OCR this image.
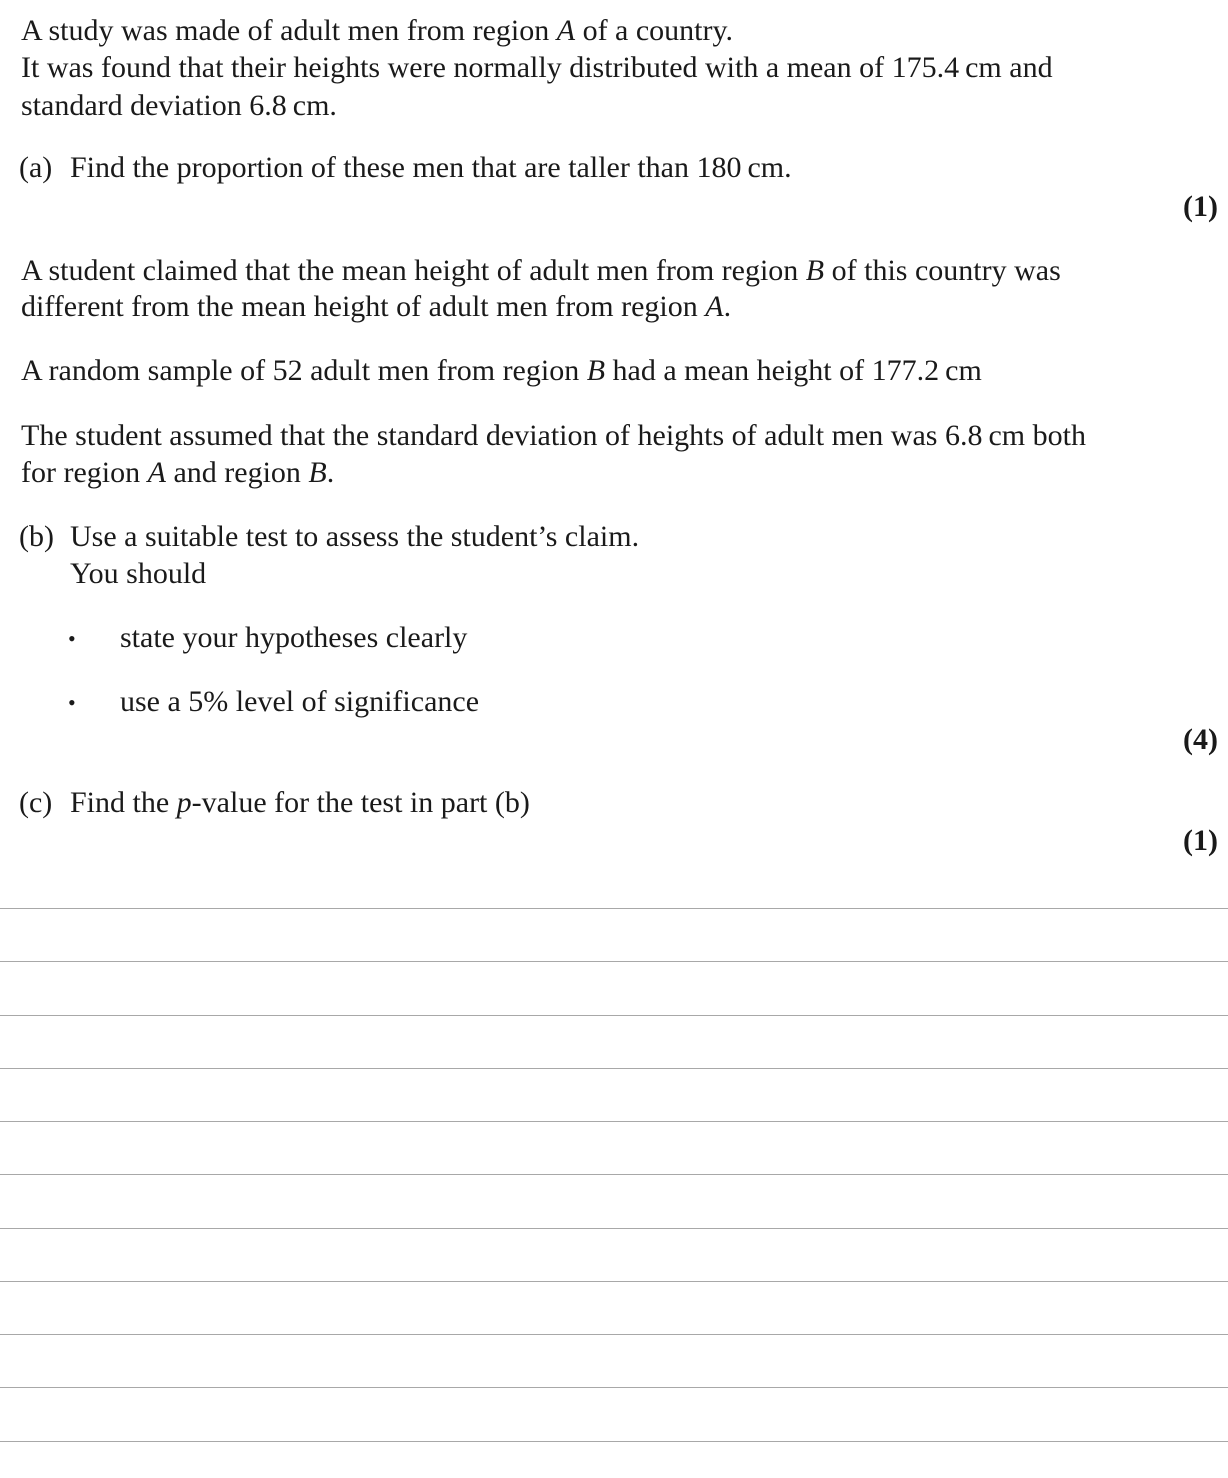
A study was made of adult men from region A of a country.
It was found that their heights were normally distributed with a mean of 175.4 cm and
standard deviation 6.8 cm.
(a) Find the proportion of these men that are taller than 180 cm.
(1)
A student claimed that the mean height of adult men from region B of this country was
different from the mean height of adult men from region A.
A random sample of 52 adult men from region B had a mean height of 177.2 cm
The student assumed that the standard deviation of heights of adult men was 6.8 cm both
for region A and region B.
(b) Use a suitable test to assess the student’s claim.
You should
• state your hypotheses clearly
• use a 5% level of significance
(4)
(c) Find the p-value for the test in part (b)
(1)
